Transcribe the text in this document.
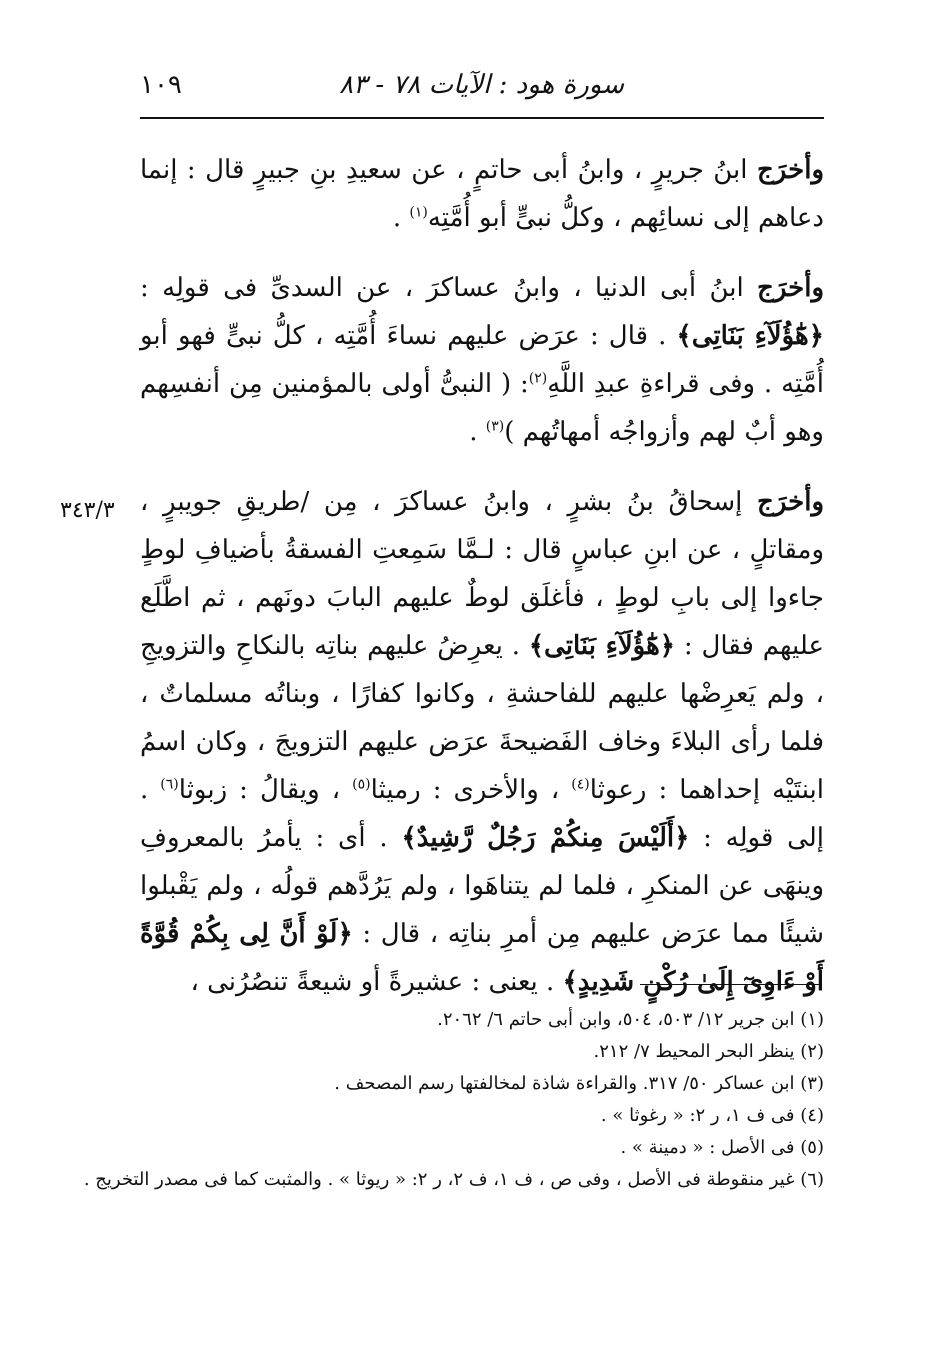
سورة هود : الآيات ٧٨ - ٨٣
١٠٩
٣٤٣/٣

وأخرَج ابنُ جريرٍ ، وابنُ أبى حاتمٍ ، عن سعيدِ بنِ جبيرٍ قال : إنما دعاهم إلى نسائِهم ، وكلُّ نبىٍّ أبو أُمَّتِه$^{(١)}$ .

وأخرَج ابنُ أبى الدنيا ، وابنُ عساكرَ ، عن السدىِّ فى قولِه : ﴿هَٰٓؤُلَآءِ بَنَاتِى﴾ . قال : عرَض عليهم نساءَ أُمَّتِه ، كلُّ نبىٍّ فهو أبو أُمَّتِه . وفى قراءةِ عبدِ اللَّهِ$^{(٢)}$: ( النبىُّ أولى بالمؤمنين مِن أنفسِهم وهو أبٌ لهم وأزواجُه أمهاتُهم )$^{(٣)}$ .

وأخرَج إسحاقُ بنُ بشرٍ ، وابنُ عساكرَ ، مِن /طريقِ جويبرٍ ، ومقاتلٍ ، عن ابنِ عباسٍ قال : لـمَّا سَمِعتِ الفسقةُ بأضيافِ لوطٍ جاءوا إلى بابِ لوطٍ ، فأغلَق لوطٌ عليهم البابَ دونَهم ، ثم اطَّلَع عليهم فقال : ﴿هَٰٓؤُلَآءِ بَنَاتِى﴾ . يعرِضُ عليهم بناتِه بالنكاحِ والتزويجِ ، ولم يَعرِضْها عليهم للفاحشةِ ، وكانوا كفارًا ، وبناتُه مسلماتٌ ، فلما رأى البلاءَ وخاف الفَضيحةَ عرَض عليهم التزويجَ ، وكان اسمُ ابنتَيْه إحداهما : رعوثا$^{(٤)}$ ، والأخرى : رميثا$^{(٥)}$ ، ويقالُ : زبوثا$^{(٦)}$ . إلى قولِه : ﴿أَلَيْسَ مِنكُمْ رَجُلٌ رَّشِيدٌ﴾ . أى : يأمرُ بالمعروفِ وينهَى عن المنكرِ ، فلما لم يتناهَوا ، ولم يَرُدَّهم قولُه ، ولم يَقْبلوا شيئًا مما عرَض عليهم مِن أمرِ بناتِه ، قال : ﴿لَوْ أَنَّ لِى بِكُمْ قُوَّةً أَوْ ءَاوِىٓ إِلَىٰ رُكْنٍ شَدِيدٍ﴾ . يعنى : عشيرةً أو شيعةً تنصُرُنى ،

(١) ابن جرير ١٢/ ٥٠٣، ٥٠٤، وابن أبى حاتم ٦/ ٢٠٦٢.

(٢) ينظر البحر المحيط ٧/ ٢١٢.

(٣) ابن عساكر ٥٠/ ٣١٧. والقراءة شاذة لمخالفتها رسم المصحف .

(٤) فى ف ١، ر ٢: « رغوثا » .

(٥) فى الأصل : « دمينة » .

(٦) غير منقوطة فى الأصل ، وفى ص ، ف ١، ف ٢، ر ٢: « ريوثا » . والمثبت كما فى مصدر التخريج .
